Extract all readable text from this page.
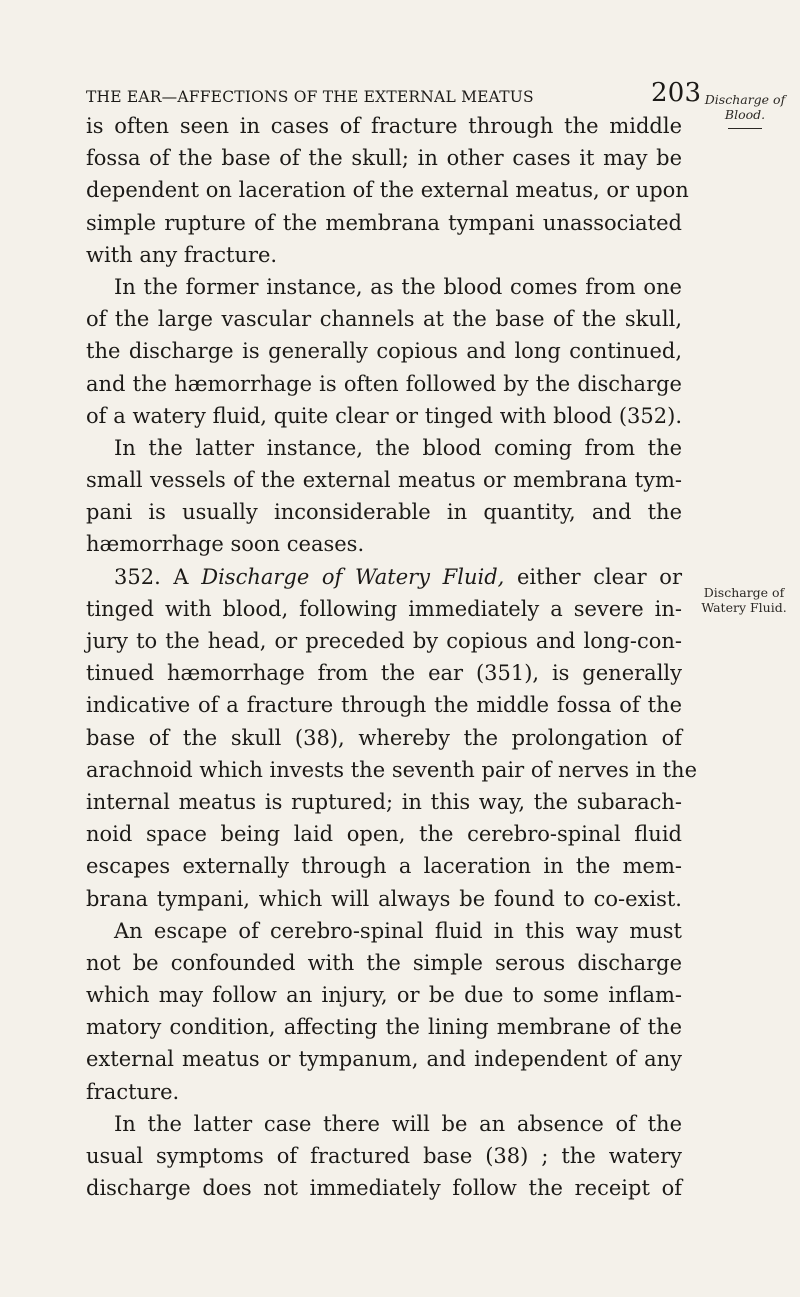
THE EAR—AFFECTIONS OF THE EXTERNAL MEATUS	203 Discharge of
Blood.
Discharge of
Watery Fluid.
is often seen in cases of fracture through the middle
fossa of the base of the skull; in other cases it may be
dependent on laceration of the external meatus, or upon
simple rupture of the membrana tympani unassociated
with any fracture.
In the former instance, as the blood comes from one
of the large vascular channels at the base of the skull,
the discharge is generally copious and long continued,
and the hæmorrhage is often followed by the discharge
of a watery fluid, quite clear or tinged with blood (352).
In the latter instance, the blood coming from the
small vessels of the external meatus or membrana tym-
pani is usually inconsiderable in quantity, and the
hæmorrhage soon ceases.
352. A Discharge of Watery Fluid, either clear or
tinged with blood, following immediately a severe in-
jury to the head, or preceded by copious and long-con-
tinued hæmorrhage from the ear (351), is generally
indicative of a fracture through the middle fossa of the
base of the skull (38), whereby the prolongation of
arachnoid which invests the seventh pair of nerves in the
internal meatus is ruptured; in this way, the subarach-
noid space being laid open, the cerebro-spinal fluid
escapes externally through a laceration in the mem-
brana tympani, which will always be found to co-exist.
An escape of cerebro-spinal fluid in this way must
not be confounded with the simple serous discharge
which may follow an injury, or be due to some inflam-
matory condition, affecting the lining membrane of the
external meatus or tympanum, and independent of any
fracture.
In the latter case there will be an absence of the
usual symptoms of fractured base (38) ; the watery
discharge does not immediately follow the receipt of
